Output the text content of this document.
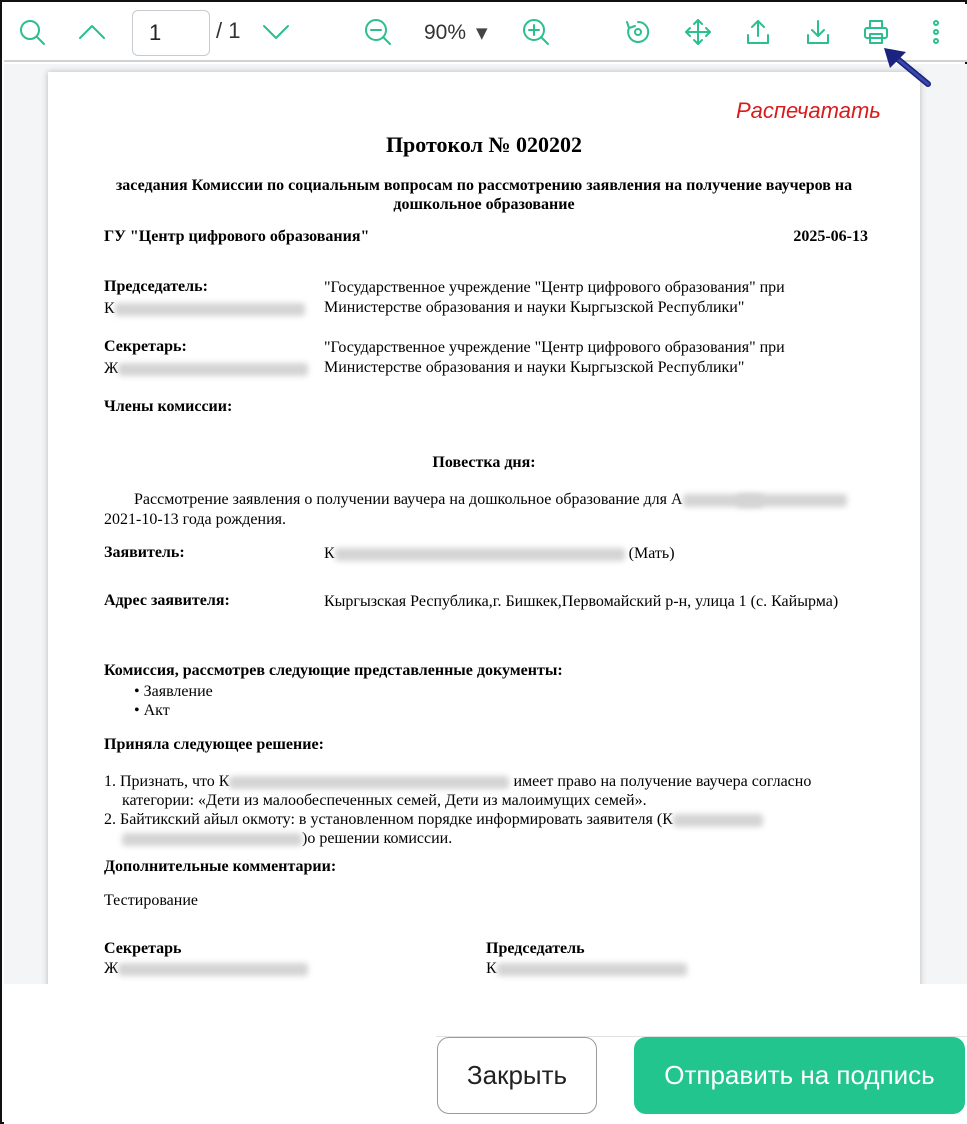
1	/ 1	90% ▼
Протокол № 020202
заседания Комиссии по социальным вопросам по рассмотрению заявления на получение ваучеров на дошкольное образование
ГУ "Центр цифрового образования"	2025-06-13
Председатель:
К
"Государственное учреждение "Центр цифрового образования" при Министерстве образования и науки Кыргызской Республики"
Секретарь:
Ж
"Государственное учреждение "Центр цифрового образования" при Министерстве образования и науки Кыргызской Республики"
Члены комиссии:
Повестка дня:
Рассмотрение заявления о получении ваучера на дошкольное образование для А  2021-10-13 года рождения.
Заявитель:	К	(Мать)
Адрес заявителя:	Кыргызская Республика,г. Бишкек,Первомайский р-н, улица 1 (с. Кайырма)
Комиссия, рассмотрев следующие представленные документы:
• Заявление
• Акт
Приняла следующее решение:
1. Признать, что К	имеет право на получение ваучера согласно категории: «Дети из малообеспеченных семей, Дети из малоимущих семей».
2. Байтикский айыл окмоту: в установленном порядке информировать заявителя (К )о решении комиссии.
Дополнительные комментарии:
Тестирование
Секретарь
Ж
Председатель
К
Распечатать
Закрыть	Отправить на подпись
